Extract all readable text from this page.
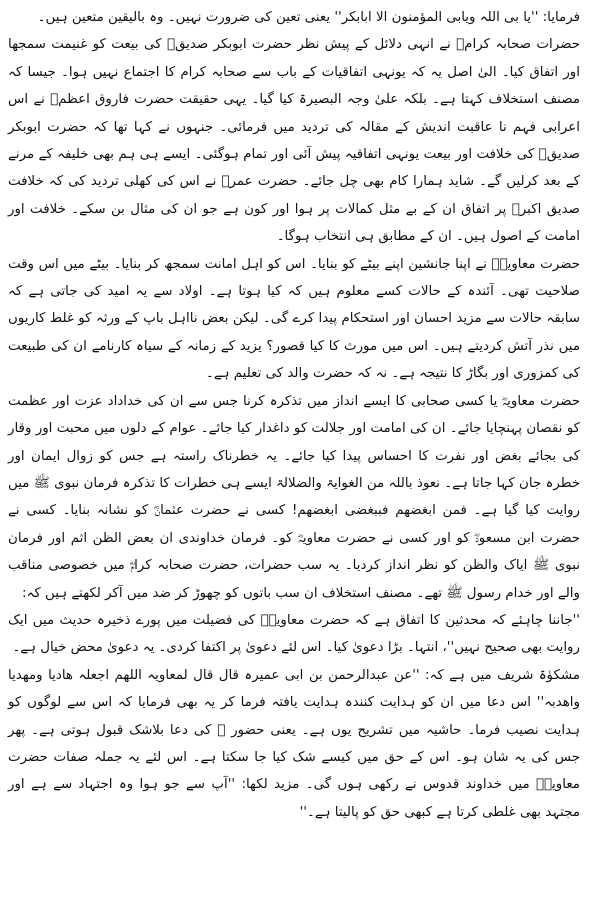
فرمایا: ''یا بی اللہ ویابی المؤمنون الا ابابکر'' یعنی تعین کی ضرورت نہیں۔ وہ بالیقین متعین ہیں۔

حضرات صحابہ کرامؓ نے انہی دلائل کے پیش نظر حضرت ابوبکر صدیقؓ کی بیعت کو غنیمت سمجھا اور اتفاق کیا۔ الیٰ اصل یہ کہ یونہی اتفاقیات کے باب سے صحابہ کرام کا اجتماع نہیں ہوا۔ جیسا کہ مصنف استخلاف کہتا ہے۔ بلکہ علیٰ وجہ البصیرۃ کیا گیا۔ یہی حقیقت حضرت فاروق اعظمؓ نے اس اعرابی فہم نا عاقبت اندیش کے مقالہ کی تردید میں فرمائی۔ جنہوں نے کہا تھا کہ حضرت ابوبکر صدیقؓ کی خلافت اور بیعت یونہی اتفاقیہ پیش آئی اور تمام ہوگئی۔ ایسے ہی ہم بھی خلیفہ کے مرنے کے بعد کرلیں گے۔ شاید ہمارا کام بھی چل جائے۔ حضرت عمرؓ نے اس کی کھلی تردید کی کہ خلافت صدیق اکبرؓ پر اتفاق ان کے بے مثل کمالات پر ہوا اور کون ہے جو ان کی مثال بن سکے۔ خلافت اور امامت کے اصول ہیں۔ ان کے مطابق ہی انتخاب ہوگا۔

حضرت معاویہؓ نے اپنا جانشین اپنے بیٹے کو بنایا۔ اس کو اہل امانت سمجھ کر بنایا۔ بیٹے میں اس وقت صلاحیت تھی۔ آئندہ کے حالات کسے معلوم ہیں کہ کیا ہوتا ہے۔ اولاد سے یہ امید کی جاتی ہے کہ سابقہ حالات سے مزید احسان اور استحکام پیدا کرے گی۔ لیکن بعض نااہل باپ کے ورثہ کو غلط کاریوں میں نذر آتش کردیتے ہیں۔ اس میں مورث کا کیا قصور؟ یزید کے زمانہ کے سیاہ کارنامے ان کی طبیعت کی کمزوری اور بگاڑ کا نتیجہ ہے۔ نہ کہ حضرت والد کی تعلیم ہے۔

حضرت معاویہؓ یا کسی صحابی کا ایسے انداز میں تذکرہ کرنا جس سے ان کی خداداد عزت اور عظمت کو نقصان پہنچایا جائے۔ ان کی امامت اور جلالت کو داغدار کیا جائے۔ عوام کے دلوں میں محبت اور وقار کی بجائے بغض اور نفرت کا احساس پیدا کیا جائے۔ یہ خطرناک راستہ ہے جس کو زوال ایمان اور خطرہ جان کہا جاتا ہے۔ نعوذ باللہ من الغوایۃ والضلالۃ ایسے ہی خطرات کا تذکرہ فرمان نبوی ﷺ میں روایت کیا گیا ہے۔ فمن ابغضھم فببغضی ابغضھم! کسی نے حضرت عثمانؓ کو نشانہ بنایا۔ کسی نے حضرت ابن مسعودؓ کو اور کسی نے حضرت معاویہؓ کو۔ فرمان خداوندی ان بعض الظن اثم اور فرمان نبوی ﷺ ایاک والظن کو نظر انداز کردیا۔ یہ سب حضرات، حضرت صحابہ کرامؓ میں خصوصی مناقب والے اور خدام رسول ﷺ تھے۔ مصنف استخلاف ان سب باتوں کو چھوڑ کر ضد میں آکر لکھتے ہیں کہ:

''جاننا چاہئے کہ محدثین کا اتفاق ہے کہ حضرت معاویہؓ کی فضیلت میں پورے ذخیرہ حدیث میں ایک روایت بھی صحیح نہیں''، انتہا۔ بڑا دعویٰ کیا۔ اس لئے دعویٰ پر اکتفا کردی۔ یہ دعویٰ محض خیال ہے۔

مشکوٰۃ شریف میں ہے کہ: ''عن عبدالرحمن بن ابی عمیرہ قال قال لمعاویہ اللھم اجعلہ ھادیا ومھدیا واھدبہ'' اس دعا میں ان کو ہدایت کنندہ ہدایت یافتہ فرما کر یہ بھی فرمایا کہ اس سے لوگوں کو ہدایت نصیب فرما۔ حاشیہ میں تشریح یوں ہے۔ یعنی حضور ﷺ کی دعا بلاشک قبول ہوتی ہے۔ پھر جس کی یہ شان ہو۔ اس کے حق میں کیسے شک کیا جا سکتا ہے۔ اس لئے یہ جملہ صفات حضرت معاویہؓ میں خداوند قدوس نے رکھی ہوں گی۔ مزید لکھا: ''آپ سے جو ہوا وہ اجتہاد سے ہے اور مجتہد بھی غلطی کرتا ہے کبھی حق کو پالیتا ہے۔''
